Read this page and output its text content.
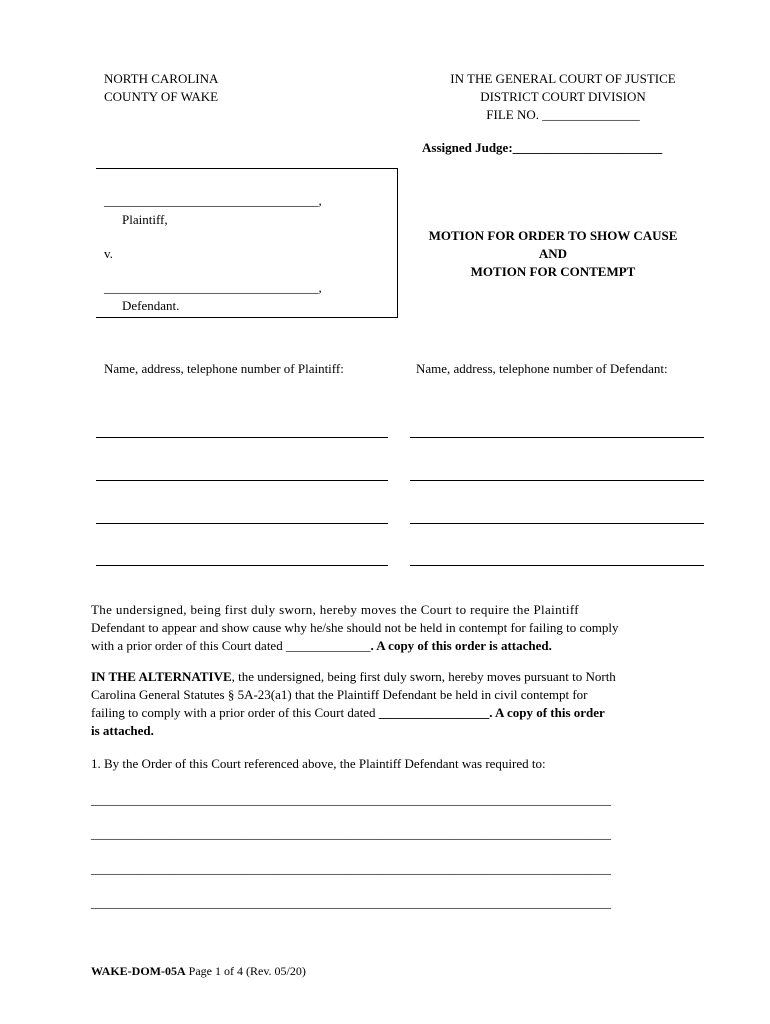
NORTH CAROLINA
COUNTY OF WAKE
IN THE GENERAL COURT OF JUSTICE
DISTRICT COURT DIVISION
FILE NO. _______________
Assigned Judge:_______________________
_________________________________,
Plaintiff,
v.
_________________________________,
Defendant.
MOTION FOR ORDER TO SHOW CAUSE
AND
MOTION FOR CONTEMPT
Name, address, telephone number of Plaintiff:	Name, address, telephone number of Defendant:
The undersigned, being first duly sworn, hereby moves the Court to require the Plaintiff
Defendant to appear and show cause why he/she should not be held in contempt for failing to comply
with a prior order of this Court dated _____________. A copy of this order is attached.
IN THE ALTERNATIVE, the undersigned, being first duly sworn, hereby moves pursuant to North
Carolina General Statutes § 5A-23(a1) that the Plaintiff Defendant be held in civil contempt for
failing to comply with a prior order of this Court dated _________________. A copy of this order
is attached.
1. By the Order of this Court referenced above, the Plaintiff Defendant was required to:
________________________________________________________________________________
________________________________________________________________________________
________________________________________________________________________________
________________________________________________________________________________
WAKE-DOM-05A Page 1 of 4 (Rev. 05/20)
